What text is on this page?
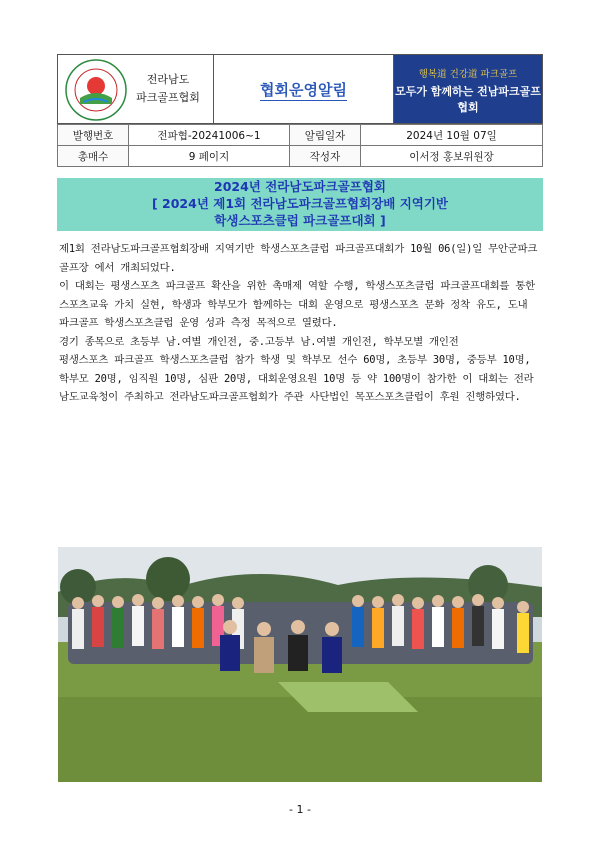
전라남도
파크골프협회	협회운영알림	
행복道 건강道 파크골프
모두가 함께하는 전남파크골프협회
발행번호	전파협-20241006~1	알림일자	2024년 10월 07일
총매수	9 페이지	작성자	이서정 홍보위원장
2024년 전라남도파크골프협회
[ 2024년 제1회 전라남도파크골프협회장배 지역기반
학생스포츠클럽 파크골프대회 ]

제1회 전라남도파크골프협회장배 지역기반 학생스포츠클럽 파크골프대회가 10월 06(일)일 무안군파크골프장 에서 개최되었다.

이 대회는 평생스포츠 파크골프 확산을 위한 촉매제 역할 수행, 학생스포츠클럽 파크골프대회를 통한 스포츠교육 가치 실현, 학생과 학부모가 함께하는 대회 운영으로 평생스포츠 문화 정착 유도, 도내 파크골프 학생스포츠클럽 운영 성과 측정 목적으로 열렸다.

경기 종목으로 초등부 남.여별 개인전, 중.고등부 남.여별 개인전, 학부모별 개인전

평생스포츠 파크골프 학생스포츠클럽 참가 학생 및 학부모 선수 60명, 초등부 30명, 중등부 10명, 학부모 20명, 임직원 10명, 심판 20명, 대회운영요원 10명 등 약 100명이 참가한 이 대회는 전라남도교육청이 주최하고 전라남도파크골프협회가 주관 사단법인 목포스포츠클럽이 후원 진행하였다.

- 1 -
